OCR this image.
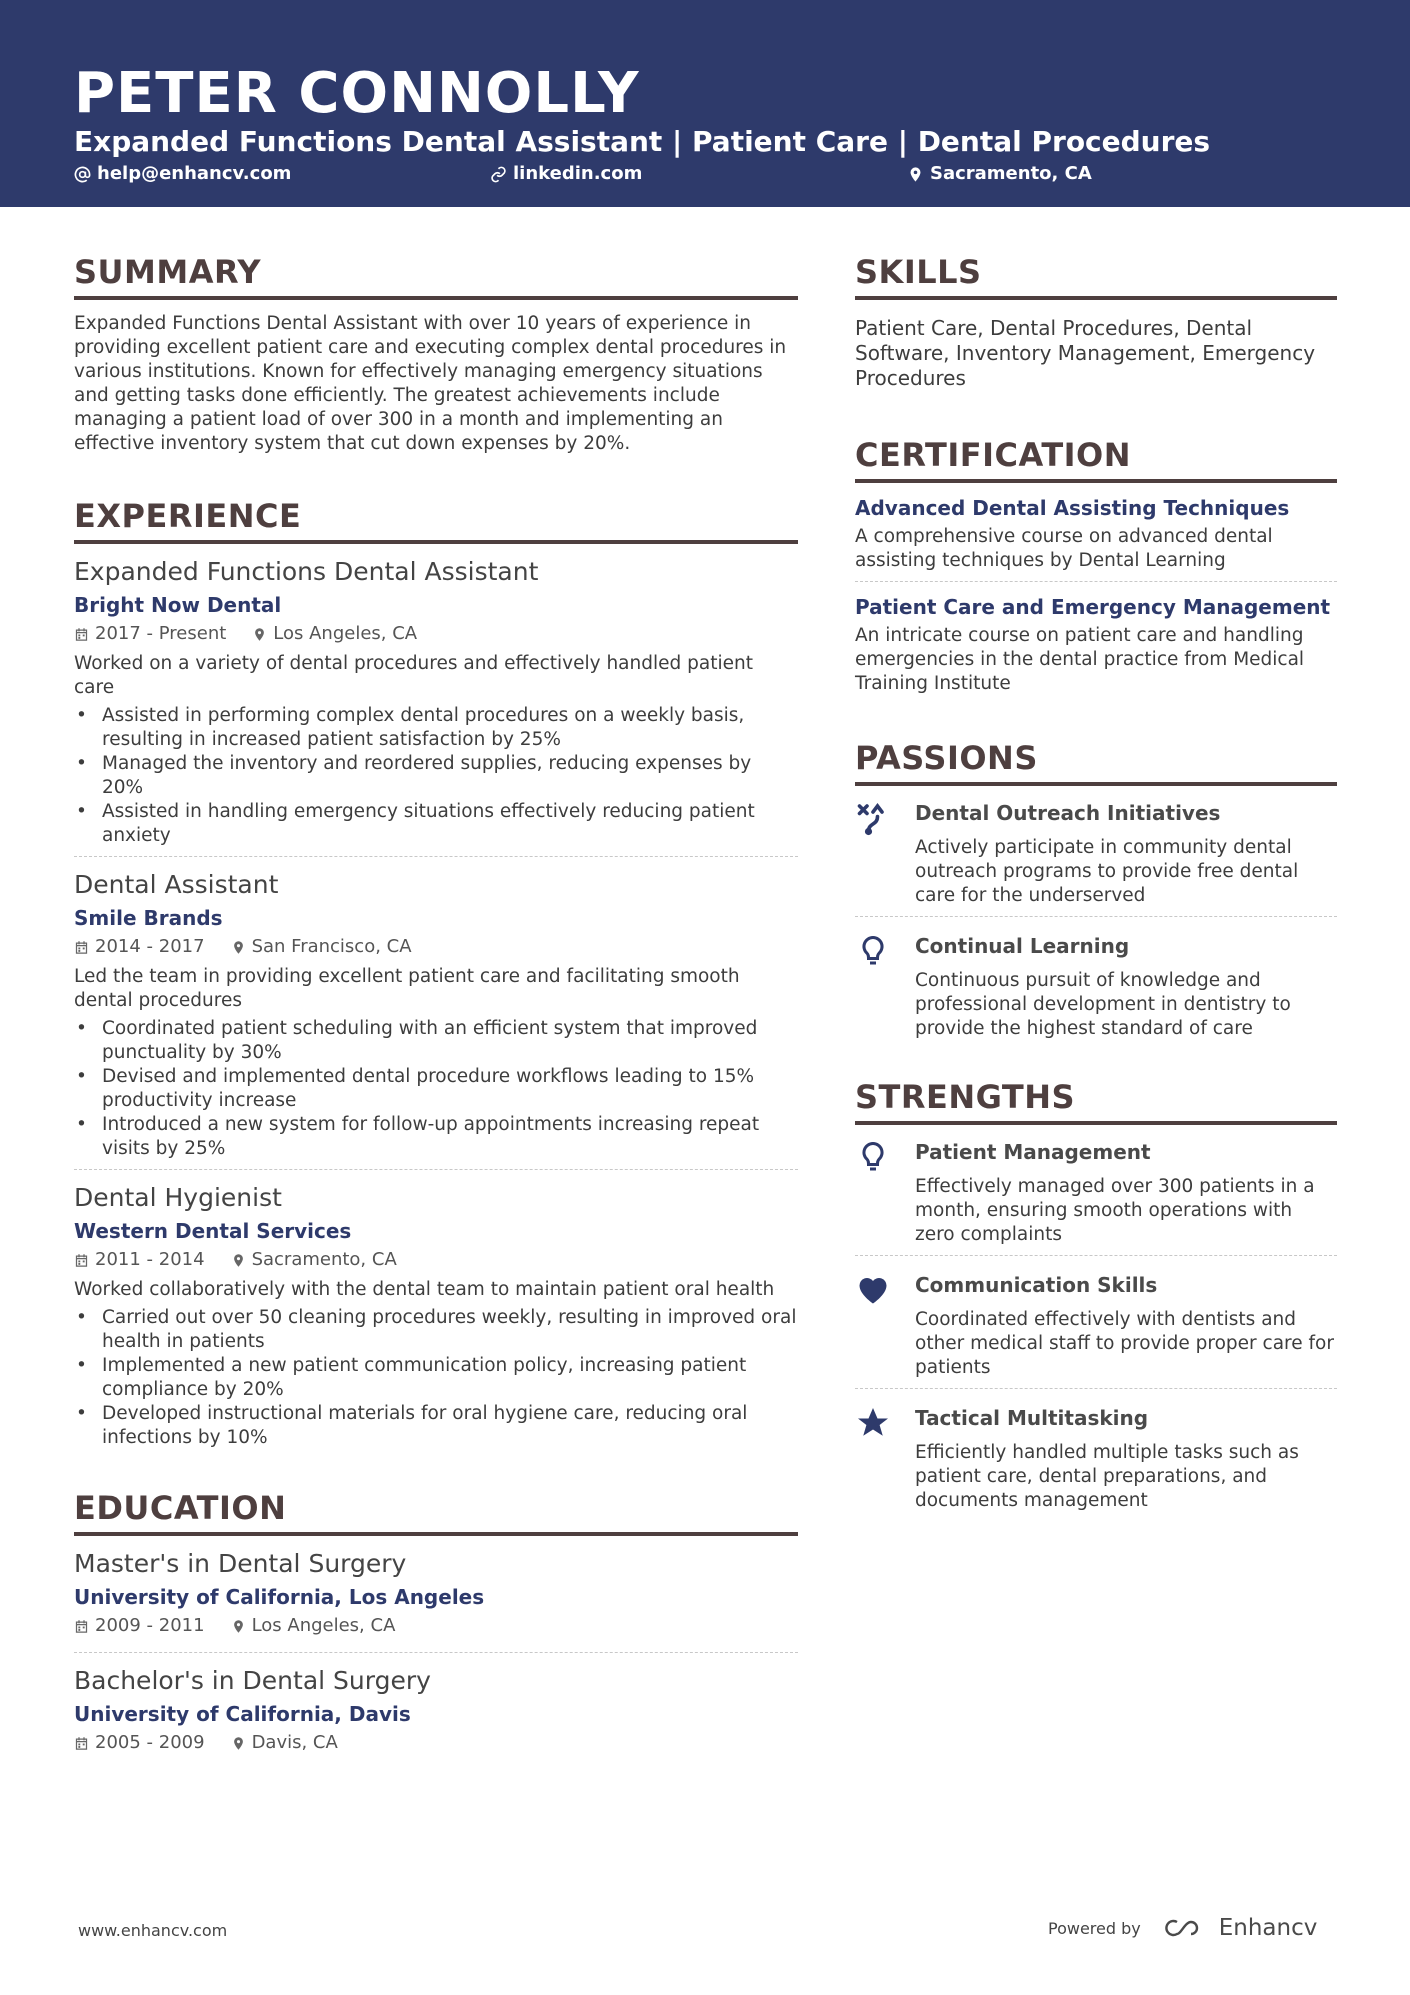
PETER CONNOLLY
Expanded Functions Dental Assistant | Patient Care | Dental Procedures
help@enhancv.com	linkedin.com	Sacramento, CA
SUMMARY
Expanded Functions Dental Assistant with over 10 years of experience in providing excellent patient care and executing complex dental procedures in various institutions. Known for effectively managing emergency situations and getting tasks done efficiently. The greatest achievements include managing a patient load of over 300 in a month and implementing an effective inventory system that cut down expenses by 20%.
EXPERIENCE
Expanded Functions Dental Assistant
Bright Now Dental
2017 - Present	Los Angeles, CA
Worked on a variety of dental procedures and effectively handled patient care
• Assisted in performing complex dental procedures on a weekly basis, resulting in increased patient satisfaction by 25%
• Managed the inventory and reordered supplies, reducing expenses by 20%
• Assisted in handling emergency situations effectively reducing patient anxiety
Dental Assistant
Smile Brands
2014 - 2017	San Francisco, CA
Led the team in providing excellent patient care and facilitating smooth dental procedures
• Coordinated patient scheduling with an efficient system that improved punctuality by 30%
• Devised and implemented dental procedure workflows leading to 15% productivity increase
• Introduced a new system for follow-up appointments increasing repeat visits by 25%
Dental Hygienist
Western Dental Services
2011 - 2014	Sacramento, CA
Worked collaboratively with the dental team to maintain patient oral health
• Carried out over 50 cleaning procedures weekly, resulting in improved oral health in patients
• Implemented a new patient communication policy, increasing patient compliance by 20%
• Developed instructional materials for oral hygiene care, reducing oral infections by 10%
EDUCATION
Master's in Dental Surgery
University of California, Los Angeles
2009 - 2011	Los Angeles, CA
Bachelor's in Dental Surgery
University of California, Davis
2005 - 2009	Davis, CA
SKILLS
Patient Care, Dental Procedures, Dental Software, Inventory Management, Emergency Procedures
CERTIFICATION
Advanced Dental Assisting Techniques
A comprehensive course on advanced dental assisting techniques by Dental Learning
Patient Care and Emergency Management
An intricate course on patient care and handling emergencies in the dental practice from Medical Training Institute
PASSIONS
Dental Outreach Initiatives
Actively participate in community dental outreach programs to provide free dental care for the underserved
Continual Learning
Continuous pursuit of knowledge and professional development in dentistry to provide the highest standard of care
STRENGTHS
Patient Management
Effectively managed over 300 patients in a month, ensuring smooth operations with zero complaints
Communication Skills
Coordinated effectively with dentists and other medical staff to provide proper care for patients
Tactical Multitasking
Efficiently handled multiple tasks such as patient care, dental preparations, and documents management
www.enhancv.com	Powered by	Enhancv
